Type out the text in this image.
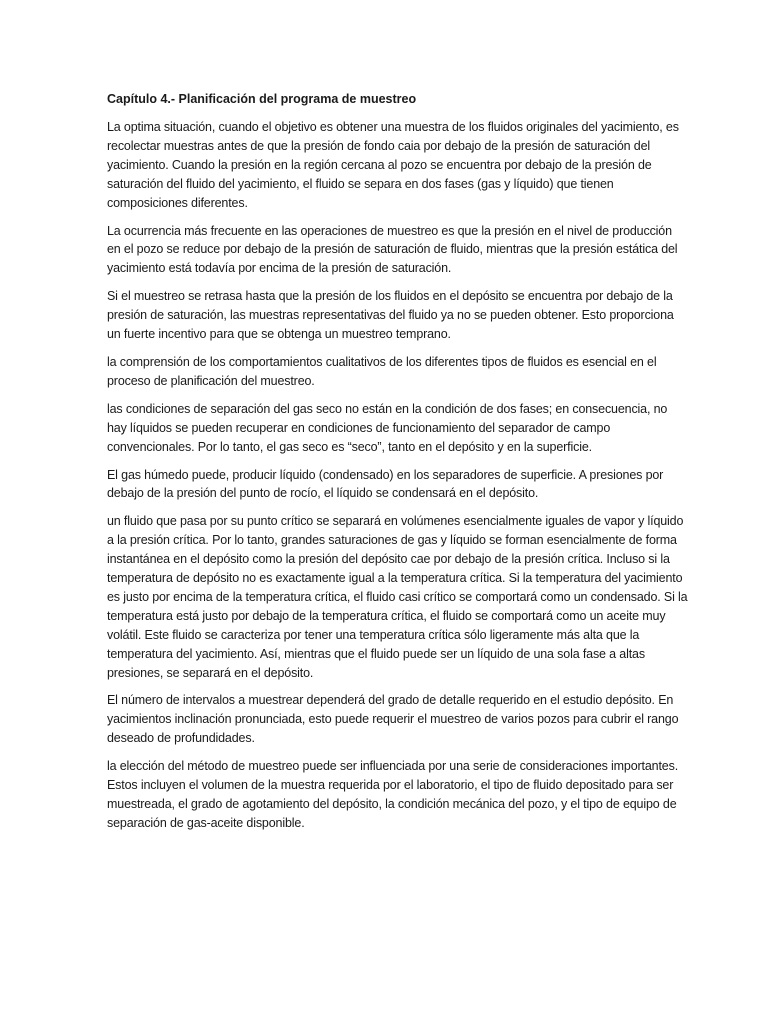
Capítulo 4.- Planificación del programa de muestreo

La optima situación, cuando el objetivo es obtener una muestra de los fluidos originales del yacimiento, es recolectar muestras antes de que la presión de fondo caia por debajo de la presión de saturación del yacimiento. Cuando la presión en la región cercana al pozo se encuentra por debajo de la presión de saturación del fluido del yacimiento, el fluido se separa en dos fases (gas y líquido) que tienen composiciones diferentes.

La ocurrencia más frecuente en las operaciones de muestreo es que la presión en el nivel de producción en el pozo se reduce por debajo de la presión de saturación de fluido, mientras que la presión estática del yacimiento está todavía por encima de la presión de saturación.

Si el muestreo se retrasa hasta que la presión de los fluidos en el depósito se encuentra por debajo de la presión de saturación, las muestras representativas del fluido ya no se pueden obtener. Esto proporciona un fuerte incentivo para que se obtenga un muestreo temprano.

la comprensión de los comportamientos cualitativos de los diferentes tipos de fluidos es esencial en el proceso de planificación del muestreo.

las condiciones de separación del gas seco no están en la condición de dos fases; en consecuencia, no hay líquidos se pueden recuperar en condiciones de funcionamiento del separador de campo convencionales. Por lo tanto, el gas seco es “seco”, tanto en el depósito y en la superficie.

El gas húmedo puede, producir líquido (condensado) en los separadores de superficie. A presiones por debajo de la presión del punto de rocío, el líquido se condensará en el depósito.

un fluido que pasa por su punto crítico se separará en volúmenes esencialmente iguales de vapor y líquido a la presión crítica. Por lo tanto, grandes saturaciones de gas y líquido se forman esencialmente de forma instantánea en el depósito como la presión del depósito cae por debajo de la presión crítica. Incluso si la temperatura de depósito no es exactamente igual a la temperatura crítica. Si la temperatura del yacimiento es justo por encima de la temperatura crítica, el fluido casi crítico se comportará como un condensado. Si la temperatura está justo por debajo de la temperatura crítica, el fluido se comportará como un aceite muy volátil. Este fluido se caracteriza por tener una temperatura crítica sólo ligeramente más alta que la temperatura del yacimiento. Así, mientras que el fluido puede ser un líquido de una sola fase a altas presiones, se separará en el depósito.

El número de intervalos a muestrear dependerá del grado de detalle requerido en el estudio depósito. En yacimientos inclinación pronunciada, esto puede requerir el muestreo de varios pozos para cubrir el rango deseado de profundidades.

la elección del método de muestreo puede ser influenciada por una serie de consideraciones importantes. Estos incluyen el volumen de la muestra requerida por el laboratorio, el tipo de fluido depositado para ser muestreada, el grado de agotamiento del depósito, la condición mecánica del pozo, y el tipo de equipo de separación de gas-aceite disponible.
